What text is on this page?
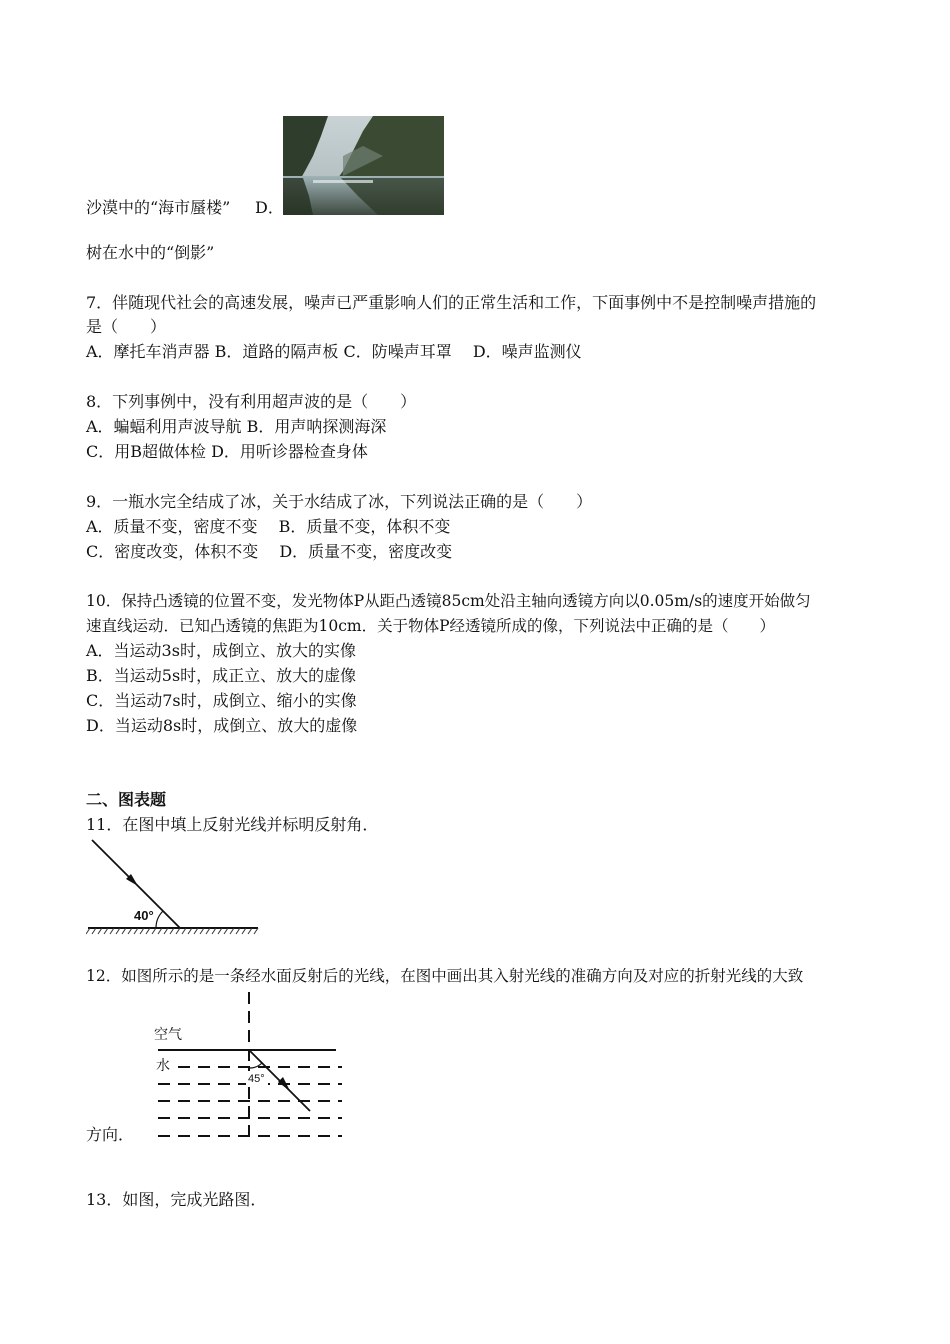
沙漠中的“海市蜃楼” D．
树在水中的“倒影”
7．伴随现代社会的高速发展，噪声已严重影响人们的正常生活和工作，下面事例中不是控制噪声措施的
是（　　）
A．摩托车消声器 B．道路的隔声板 C．防噪声耳罩　 D．噪声监测仪
8．下列事例中，没有利用超声波的是（　　）
A．蝙蝠利用声波导航 B．用声呐探测海深
C．用B超做体检 D．用听诊器检查身体
9．一瓶水完全结成了冰，关于水结成了冰，下列说法正确的是（　　）
A．质量不变，密度不变　 B．质量不变，体积不变
C．密度改变，体积不变　 D．质量不变，密度改变
10．保持凸透镜的位置不变，发光物体P从距凸透镜85cm处沿主轴向透镜方向以0.05m/s的速度开始做匀
速直线运动．已知凸透镜的焦距为10cm．关于物体P经透镜所成的像，下列说法中正确的是（　　）
A．当运动3s时，成倒立、放大的实像
B．当运动5s时，成正立、放大的虚像
C．当运动7s时，成倒立、缩小的实像
D．当运动8s时，成倒立、放大的虚像
二、图表题
11．在图中填上反射光线并标明反射角．
40°
12．如图所示的是一条经水面反射后的光线，在图中画出其入射光线的准确方向及对应的折射光线的大致
空气
水
45°
方向．
13．如图，完成光路图．
